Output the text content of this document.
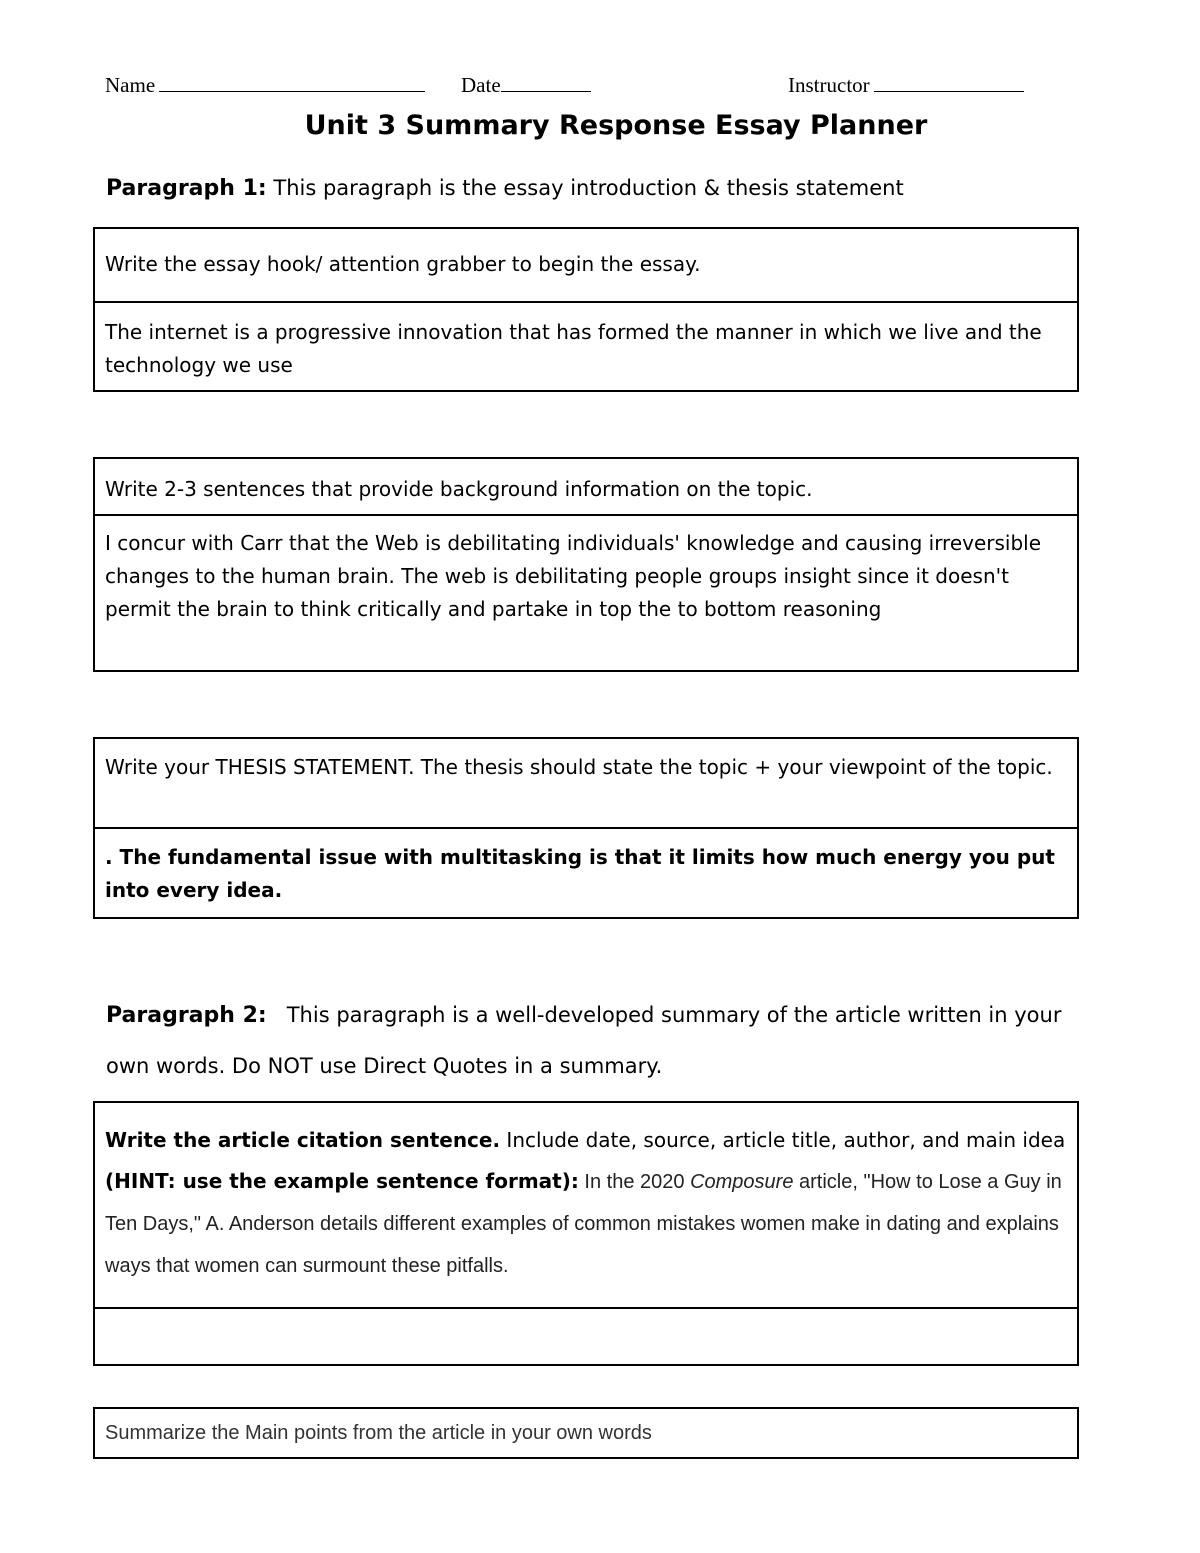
Name	Date	Instructor
Unit 3 Summary Response Essay Planner
Paragraph 1: This paragraph is the essay introduction & thesis statement
Write the essay hook/ attention grabber to begin the essay.
The internet is a progressive innovation that has formed the manner in which we live and the technology we use
Write 2-3 sentences that provide background information on the topic.
I concur with Carr that the Web is debilitating individuals' knowledge and causing irreversible changes to the human brain. The web is debilitating people groups insight since it doesn't permit the brain to think critically and partake in top the to bottom reasoning
Write your THESIS STATEMENT. The thesis should state the topic + your viewpoint of the topic.
. The fundamental issue with multitasking is that it limits how much energy you put into every idea.
Paragraph 2: This paragraph is a well-developed summary of the article written in your own words. Do NOT use Direct Quotes in a summary.
Write the article citation sentence. Include date, source, article title, author, and main idea (HINT: use the example sentence format): In the 2020 Composure article, "How to Lose a Guy in Ten Days," A. Anderson details different examples of common mistakes women make in dating and explains ways that women can surmount these pitfalls.
Summarize the Main points from the article in your own words
